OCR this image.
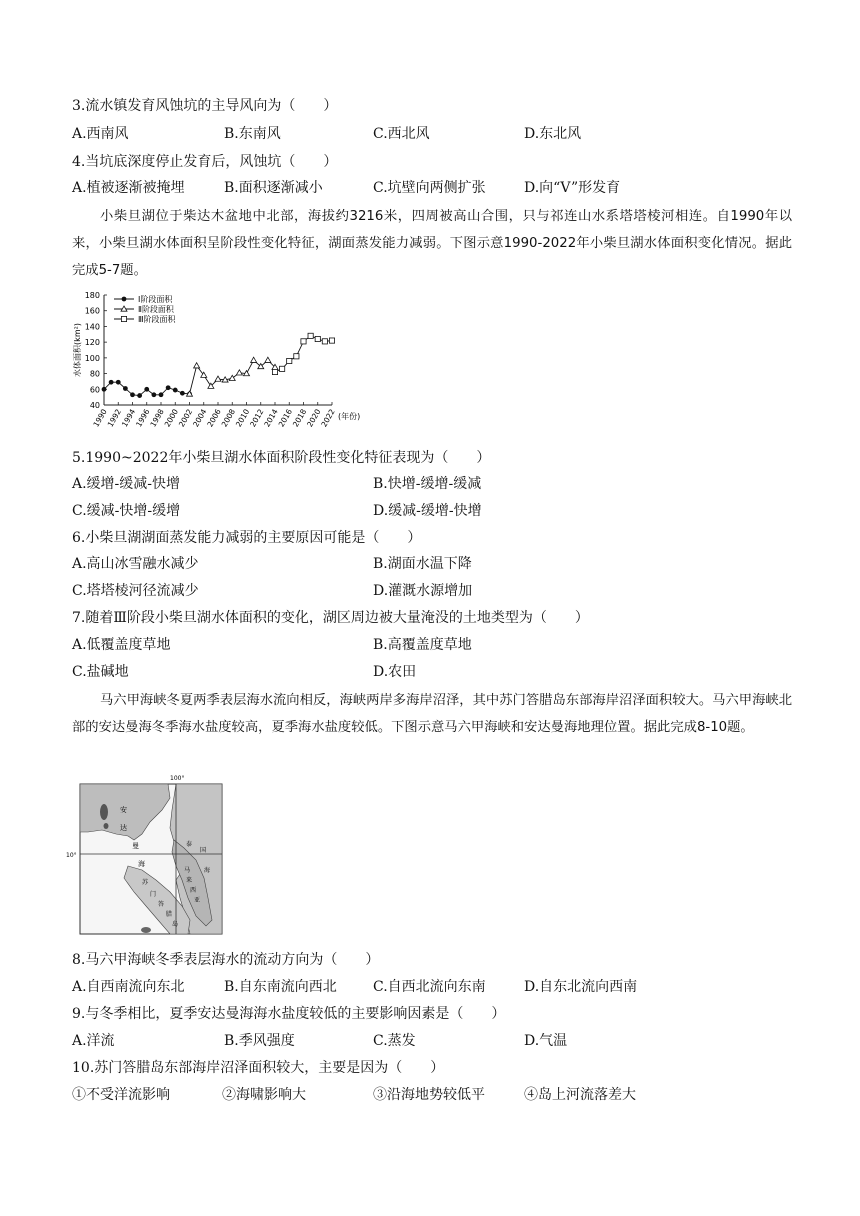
3.流水镇发育风蚀坑的主导风向为（　　）
A.西南风	B.东南风	C.西北风	D.东北风
4.当坑底深度停止发育后，风蚀坑（　　）
A.植被逐渐被掩埋	B.面积逐渐减小	C.坑壁向两侧扩张	D.向“V”形发育
小柴旦湖位于柴达木盆地中北部，海拔约3216米，四周被高山合围，只与祁连山水系塔塔棱河相连。自1990年以来，小柴旦湖水体面积呈阶段性变化特征，湖面蒸发能力减弱。下图示意1990-2022年小柴旦湖水体面积变化情况。据此完成5-7题。
40
60
80
100
120
140
160
180
1990
1992
1994
1996
1998
2000
2002
2004
2006
2008
2010
2012
2014
2016
2018
2020
2022
水体面积(km²)
(年份)
Ⅰ阶段面积
Ⅱ阶段面积
Ⅲ阶段面积
5.1990~2022年小柴旦湖水体面积阶段性变化特征表现为（　　）
A.缓增-缓减-快增	B.快增-缓增-缓减
C.缓减-快增-缓增	D.缓减-缓增-快增
6.小柴旦湖湖面蒸发能力减弱的主要原因可能是（　　）
A.高山冰雪融水减少	B.湖面水温下降
C.塔塔棱河径流减少	D.灌溉水源增加
7.随着Ⅲ阶段小柴旦湖水体面积的变化，湖区周边被大量淹没的土地类型为（　　）
A.低覆盖度草地	B.高覆盖度草地
C.盐碱地	D.农田
马六甲海峡冬夏两季表层海水流向相反，海峡两岸多海岸沼泽，其中苏门答腊岛东部海岸沼泽面积较大。马六甲海峡北部的安达曼海冬季海水盐度较高，夏季海水盐度较低。下图示意马六甲海峡和安达曼海地理位置。据此完成8-10题。
100°
10°
安
达
曼
海
泰
国
马
来
西
亚
苏
门
答
腊
岛
海
8.马六甲海峡冬季表层海水的流动方向为（　　）
A.自西南流向东北	B.自东南流向西北	C.自西北流向东南	D.自东北流向西南
9.与冬季相比，夏季安达曼海海水盐度较低的主要影响因素是（　　）
A.洋流	B.季风强度	C.蒸发	D.气温
10.苏门答腊岛东部海岸沼泽面积较大，主要是因为（　　）
①不受洋流影响	②海啸影响大	③沿海地势较低平	④岛上河流落差大
